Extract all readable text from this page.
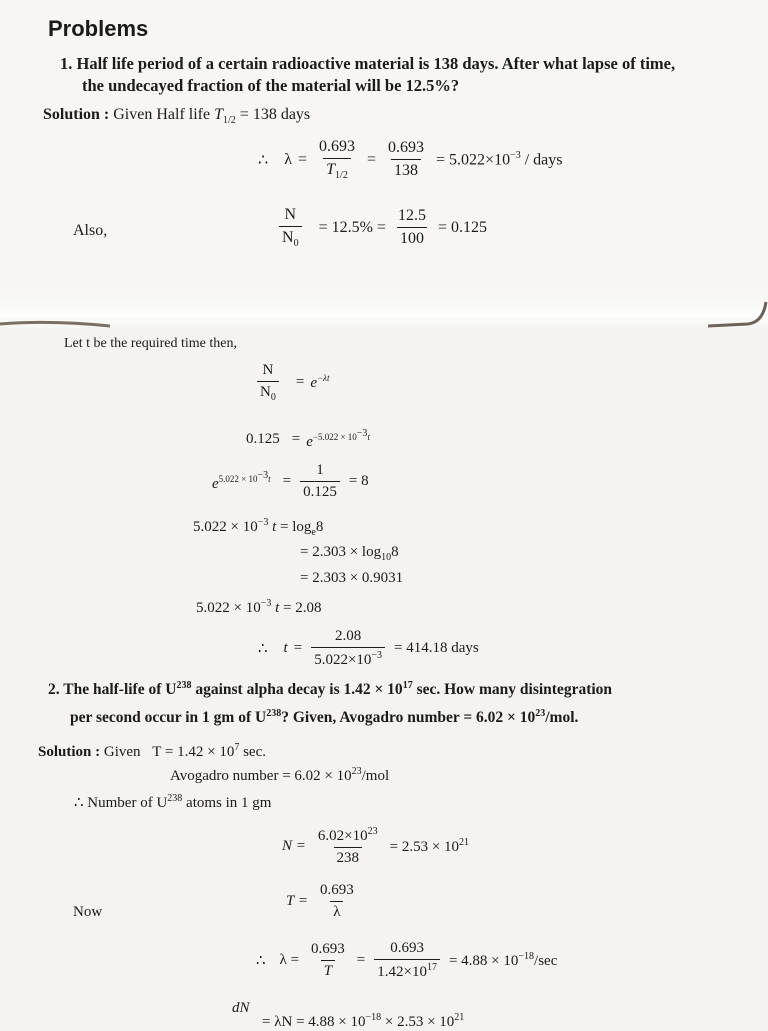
Problems
1. Half life period of a certain radioactive material is 138 days. After what lapse of time,
the undecayed fraction of the material will be 12.5%?
Solution : Given Half life $T_{1/2} = 138$ days
∴ $\lambda = \frac{0.693}{T_{1/2}} = \frac{0.693}{138} = 5.022\times 10^{-3}$ / days
Also,	$\frac{N}{N_0} = 12.5\% = \frac{12.5}{100} = 0.125$
Let t be the required time then,
$\frac{N}{N_0} = e^{-\lambda t}$
$0.125 = e^{-5.022 \times 10^{-3}t}$
$e^{5.022 \times 10^{-3}t} = \frac{1}{0.125} = 8$
$5.022 \times 10^{-3}$ $t = \log_e8$
= $2.303 \times \log_{10}8$
= 2.303 × 0.9031
$5.022 \times 10^{-3}$ t = 2.08
∴ $t = \frac{2.08}{5.022\times 10^{-3}} = 414.18$ days
2. The half-life of $U^{238}$ against alpha decay is $1.42 \times 10^{17}$ sec. How many disintegration
per second occur in 1 gm of $U^{238}$? Given, Avogadro number = $6.02 \times 10^{23}$/mol.
Solution : Given $T = 1.42 \times 10^7$ sec.
Avogadro number = $6.02 \times 10^{23}$/mol
∴ Number of $U^{238}$ atoms in 1 gm
$N = \frac{6.02\times 10^{23}}{238} = 2.53 \times 10^{21}$
Now
$T = \frac{0.693}{\lambda}$
∴ $\lambda = \frac{0.693}{T} = \frac{0.693}{1.42\times 10^{17}} = 4.88 \times 10^{-18}/\sec$
dN
= $\lambda N = 4.88 \times 10^{-18} \times 2.53 \times 10^{21}$
